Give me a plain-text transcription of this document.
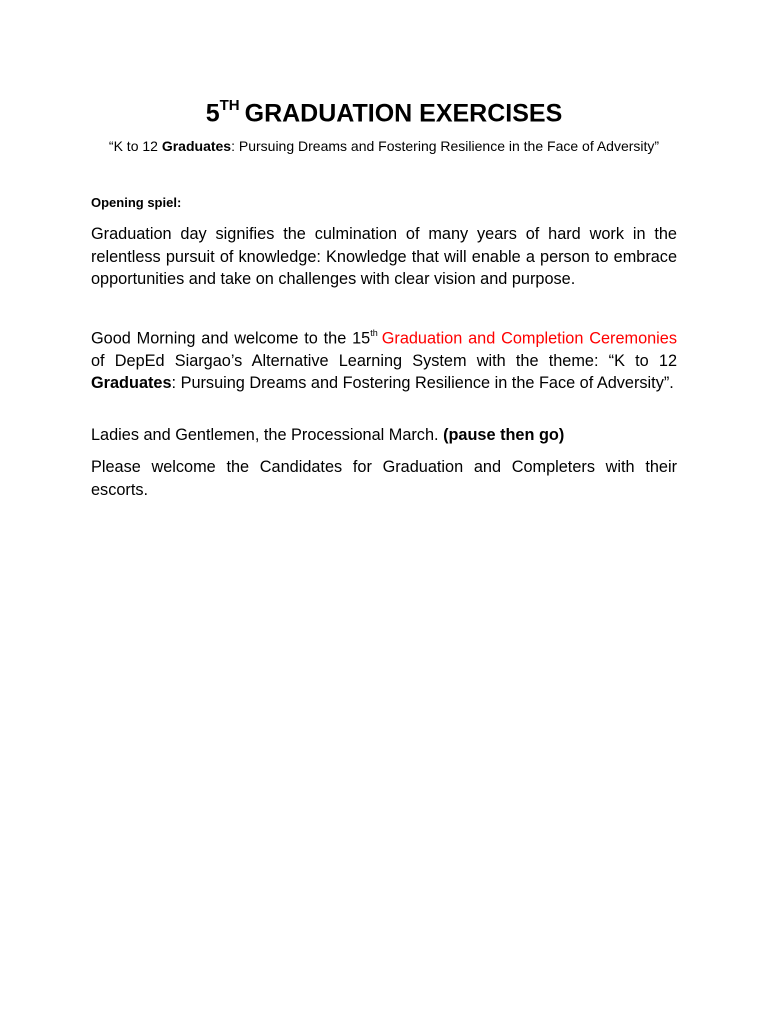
5TH GRADUATION EXERCISES
“K to 12 Graduates: Pursuing Dreams and Fostering Resilience in the Face of Adversity”
Opening spiel:
Graduation day signifies the culmination of many years of hard work in the relentless pursuit of knowledge: Knowledge that will enable a person to embrace opportunities and take on challenges with clear vision and purpose.
Good Morning and welcome to the 15th Graduation and Completion Ceremonies of DepEd Siargao’s Alternative Learning System with the theme: “K to 12 Graduates: Pursuing Dreams and Fostering Resilience in the Face of Adversity”.
Ladies and Gentlemen, the Processional March. (pause then go)
Please welcome the Candidates for Graduation and Completers with their escorts.
